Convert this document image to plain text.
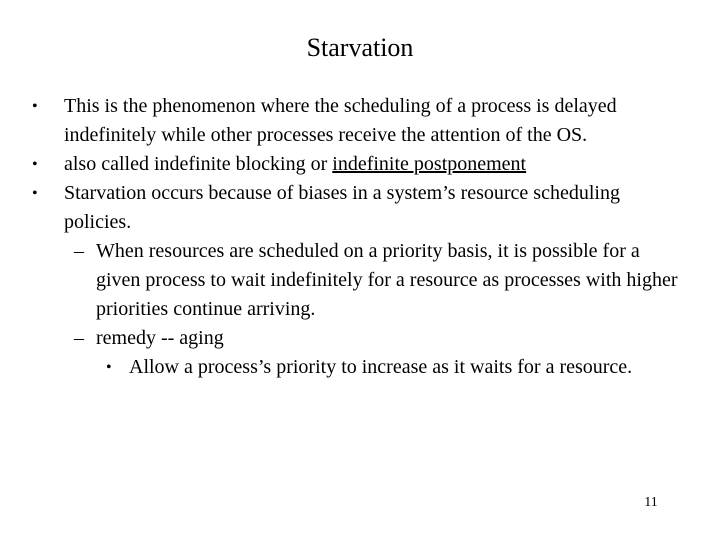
Starvation
• This is the phenomenon where the scheduling of a process is delayed indefinitely while other processes receive the attention of the OS.
• also called indefinite blocking or indefinite postponement
• Starvation occurs because of biases in a system’s resource scheduling policies.
– When resources are scheduled on a priority basis, it is possible for a given process to wait indefinitely for a resource as processes with higher priorities continue arriving.
– remedy -- aging
• Allow a process’s priority to increase as it waits for a resource.
11
